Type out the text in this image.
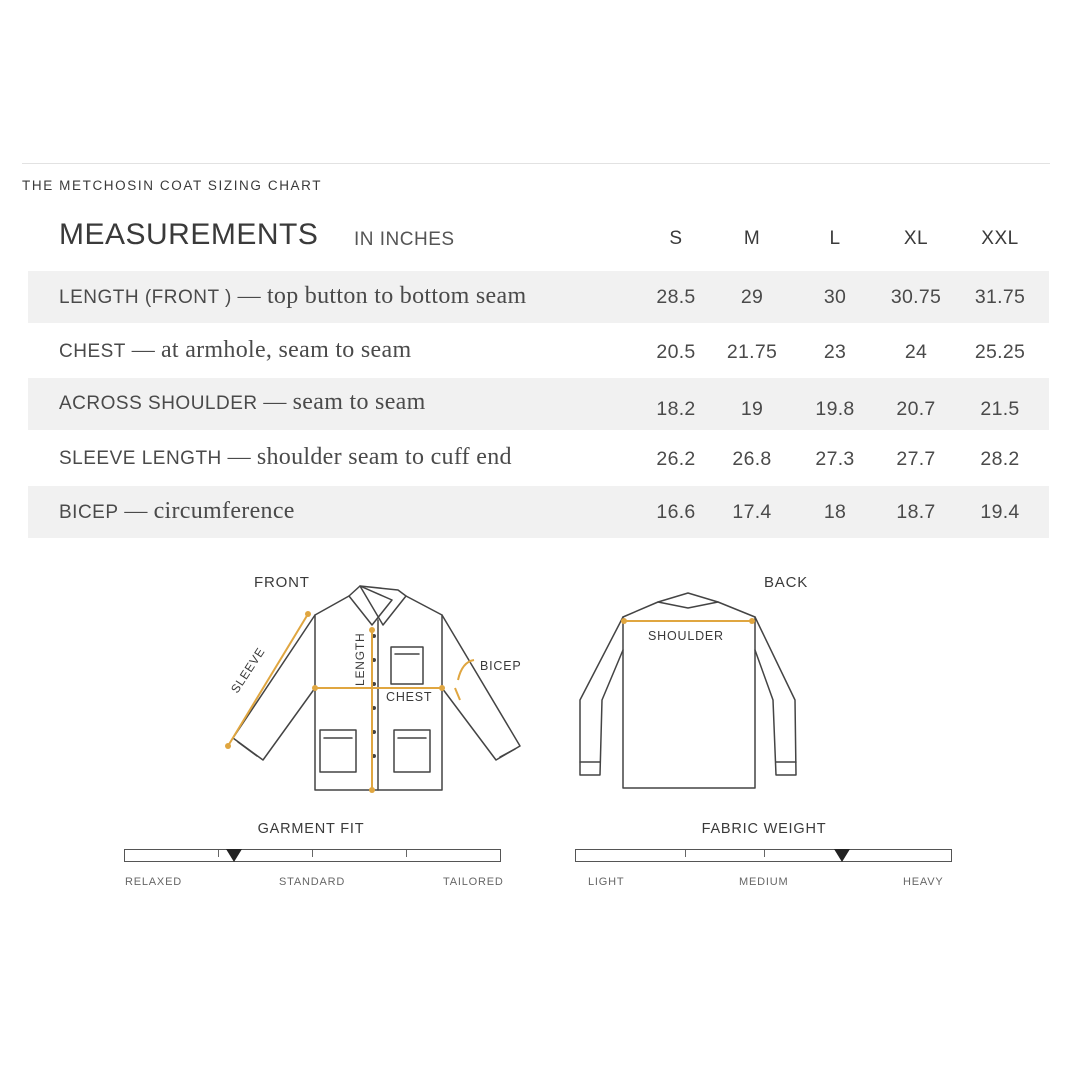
THE METCHOSIN COAT SIZING CHART
MEASUREMENTS IN INCHES	S	M	L	XL	XXL
LENGTH (FRONT ) — top button to bottom seam	28.5	29	30	30.75	31.75
CHEST — at armhole, seam to seam	20.5	21.75	23	24	25.25
ACROSS SHOULDER — seam to seam	18.2	19	19.8	20.7	21.5
SLEEVE LENGTH — shoulder seam to cuff end	26.2	26.8	27.3	27.7	28.2
BICEP — circumference	16.6	17.4	18	18.7	19.4
FRONT	BACK
SLEEVE	LENGTH
CHEST
BICEP
SHOULDER
GARMENT FIT
RELAXED	STANDARD	TAILORED
FABRIC WEIGHT
LIGHT	MEDIUM	HEAVY
